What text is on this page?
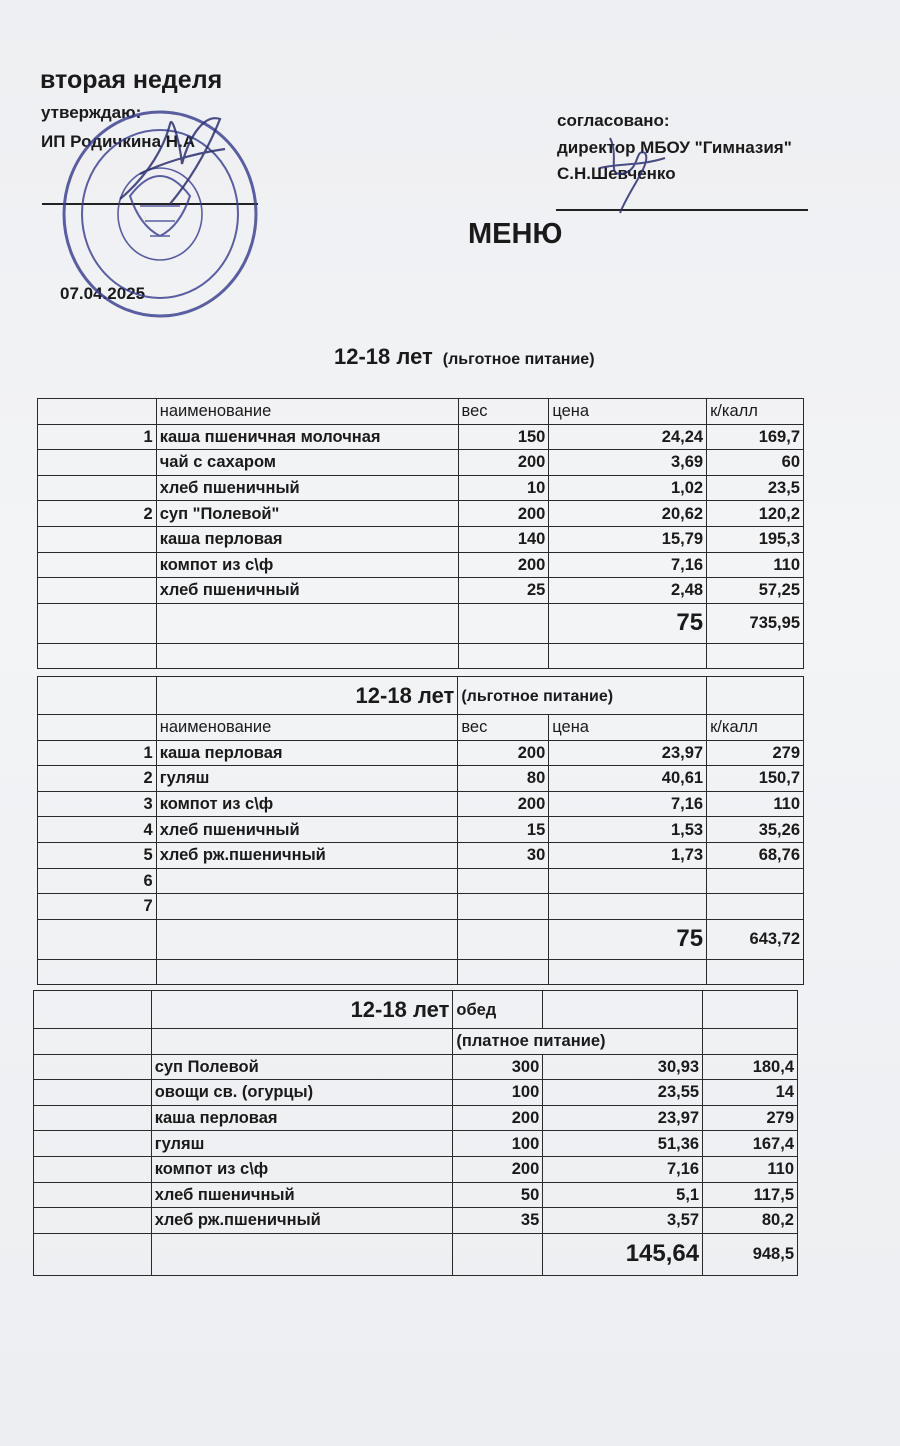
вторая неделя
утверждаю:
ИП Родичкина Н.А
07.04.2025
согласовано:
директор МБОУ "Гимназия"
С.Н.Шевченко
МЕНЮ
12-18 лет (льготное питание)
	наименование	вес	цена	к/калл
1	каша пшеничная молочная	150	24,24	169,7
	чай с сахаром	200	3,69	60
	хлеб пшеничный	10	1,02	23,5
2	суп "Полевой"	200	20,62	120,2
	каша перловая	140	15,79	195,3
	компот из с\ф	200	7,16	110
	хлеб пшеничный	25	2,48	57,25
			75	735,95

	12-18 лет	(льготное питание)		
	наименование	вес	цена	к/калл
1	каша перловая	200	23,97	279
2	гуляш	80	40,61	150,7
3	компот из с\ф	200	7,16	110
4	хлеб пшеничный	15	1,53	35,26
5	хлеб рж.пшеничный	30	1,73	68,76
6				
7				
			75	643,72

	12-18 лет	обед		
		(платное питание)		
	суп Полевой	300	30,93	180,4
	овощи св. (огурцы)	100	23,55	14
	каша перловая	200	23,97	279
	гуляш	100	51,36	167,4
	компот из с\ф	200	7,16	110
	хлеб пшеничный	50	5,1	117,5
	хлеб рж.пшеничный	35	3,57	80,2
			145,64	948,5
